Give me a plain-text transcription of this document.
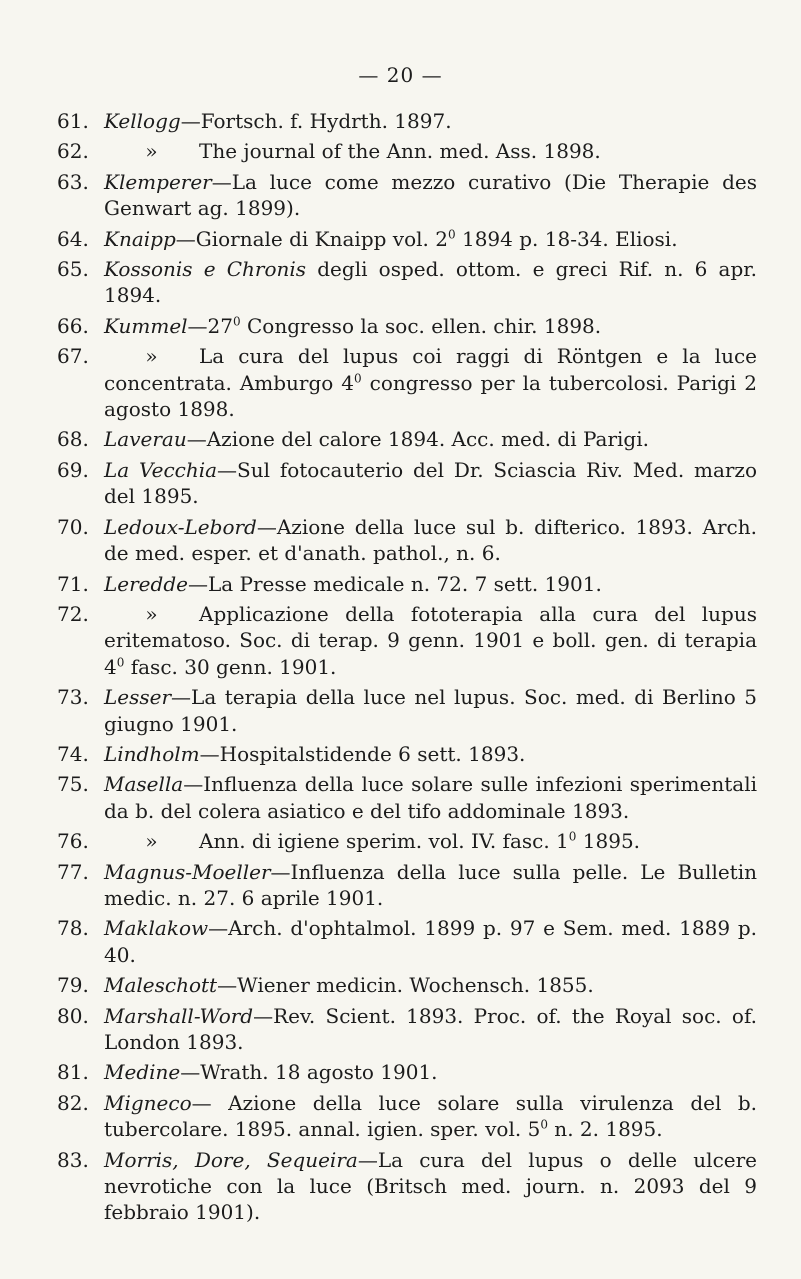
— 20 —
61. Kellogg—Fortsch. f. Hydrth. 1897.
62.	» The journal of the Ann. med. Ass. 1898.
63. Klemperer—La luce come mezzo curativo (Die Therapie des Genwart ag. 1899).
64. Knaipp—Giornale di Knaipp vol. $2^0$ 1894 p. 18-34. Eliosi.
65. Kossonis e Chronis degli osped. ottom. e greci Rif. n. 6 apr. 1894.
66. $Kummel—27^0$ Congresso la soc. ellen. chir. 1898.
67.	» La cura del lupus coi raggi di Röntgen e la luce concentrata. Amburgo $4^0$ congresso per la tubercolosi. Parigi 2 agosto 1898.
68. Laverau—Azione del calore 1894. Acc. med. di Parigi.
69. La Vecchia—Sul fotocauterio del Dr. Sciascia Riv. Med. marzo del 1895.
70. Ledoux-Lebord—Azione della luce sul b. difterico. 1893. Arch. de med. esper. et d'anath. pathol., n. 6.
71. Leredde—La Presse medicale n. 72. 7 sett. 1901.
72.	» Applicazione della fototerapia alla cura del lupus eritematoso. Soc. di terap. 9 genn. 1901 e boll. gen. di terapia $4^0$ fasc. 30 genn. 1901.
73. Lesser—La terapia della luce nel lupus. Soc. med. di Berlino 5 giugno 1901.
74. Lindholm—Hospitalstidende 6 sett. 1893.
75. Masella—Influenza della luce solare sulle infezioni sperimentali da b. del colera asiatico e del tifo addominale 1893.
76.	» Ann. di igiene sperim. vol. IV. fasc. $1^0$ 1895.
77. Magnus-Moeller—Influenza della luce sulla pelle. Le Bulletin medic. n. 27. 6 aprile 1901.
78. Maklakow—Arch. d'ophtalmol. 1899 p. 97 e Sem. med. 1889 p. 40.
79. Maleschott—Wiener medicin. Wochensch. 1855.
80. Marshall-Word—Rev. Scient. 1893. Proc. of. the Royal soc. of. London 1893.
81. Medine—Wrath. 18 agosto 1901.
82. Migneco— Azione della luce solare sulla virulenza del b. tubercolare. 1895. annal. igien. sper. vol. $5^0$ n. 2. 1895.
83. Morris, Dore, Sequeira—La cura del lupus o delle ulcere nevrotiche con la luce (Britsch med. journ. n. 2093 del 9 febbraio 1901).
